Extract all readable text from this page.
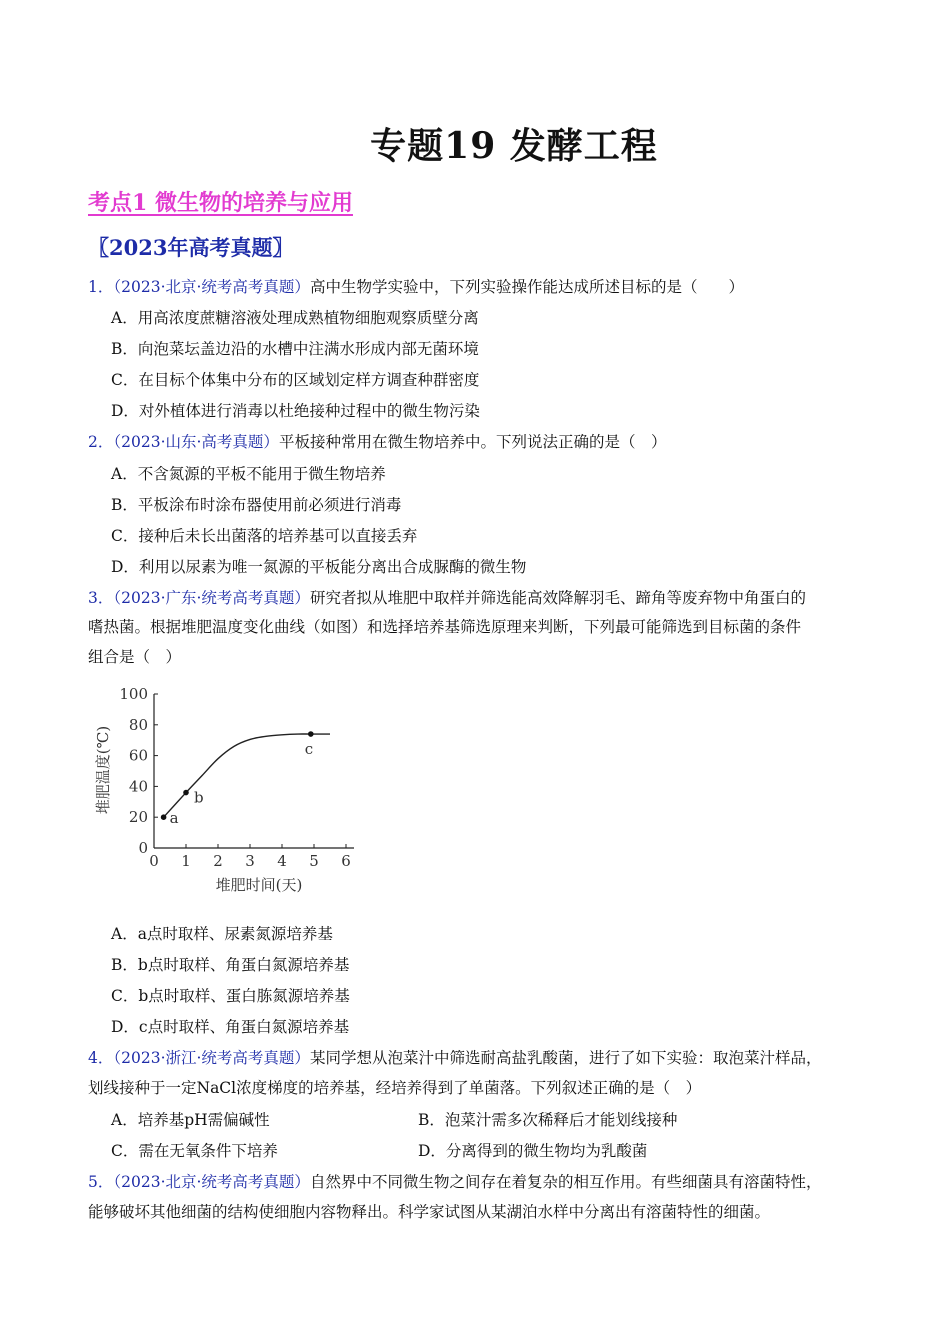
专题19 发酵工程
考点1 微生物的培养与应用
〖2023年高考真题〗
1．（2023·北京·统考高考真题）高中生物学实验中，下列实验操作能达成所述目标的是（　　）
A．用高浓度蔗糖溶液处理成熟植物细胞观察质壁分离
B．向泡菜坛盖边沿的水槽中注满水形成内部无菌环境
C．在目标个体集中分布的区域划定样方调查种群密度
D．对外植体进行消毒以杜绝接种过程中的微生物污染
2．（2023·山东·高考真题）平板接种常用在微生物培养中。下列说法正确的是（　）
A．不含氮源的平板不能用于微生物培养
B．平板涂布时涂布器使用前必须进行消毒
C．接种后未长出菌落的培养基可以直接丢弃
D．利用以尿素为唯一氮源的平板能分离出合成脲酶的微生物
3．（2023·广东·统考高考真题）研究者拟从堆肥中取样并筛选能高效降解羽毛、蹄角等废弃物中角蛋白的
嗜热菌。根据堆肥温度变化曲线（如图）和选择培养基筛选原理来判断，下列最可能筛选到目标菌的条件
组合是（　）
0 1 2 3 4 5 6
0
20
40
60
80
100
a
b
c
堆肥时间(天)
堆肥温度(℃)
A．a点时取样、尿素氮源培养基
B．b点时取样、角蛋白氮源培养基
C．b点时取样、蛋白胨氮源培养基
D．c点时取样、角蛋白氮源培养基
4．（2023·浙江·统考高考真题）某同学想从泡菜汁中筛选耐高盐乳酸菌，进行了如下实验：取泡菜汁样品，
划线接种于一定NaCl浓度梯度的培养基，经培养得到了单菌落。下列叙述正确的是（　）
A．培养基pH需偏碱性	B．泡菜汁需多次稀释后才能划线接种
C．需在无氧条件下培养	D．分离得到的微生物均为乳酸菌
5．（2023·北京·统考高考真题）自然界中不同微生物之间存在着复杂的相互作用。有些细菌具有溶菌特性，
能够破坏其他细菌的结构使细胞内容物释出。科学家试图从某湖泊水样中分离出有溶菌特性的细菌。
